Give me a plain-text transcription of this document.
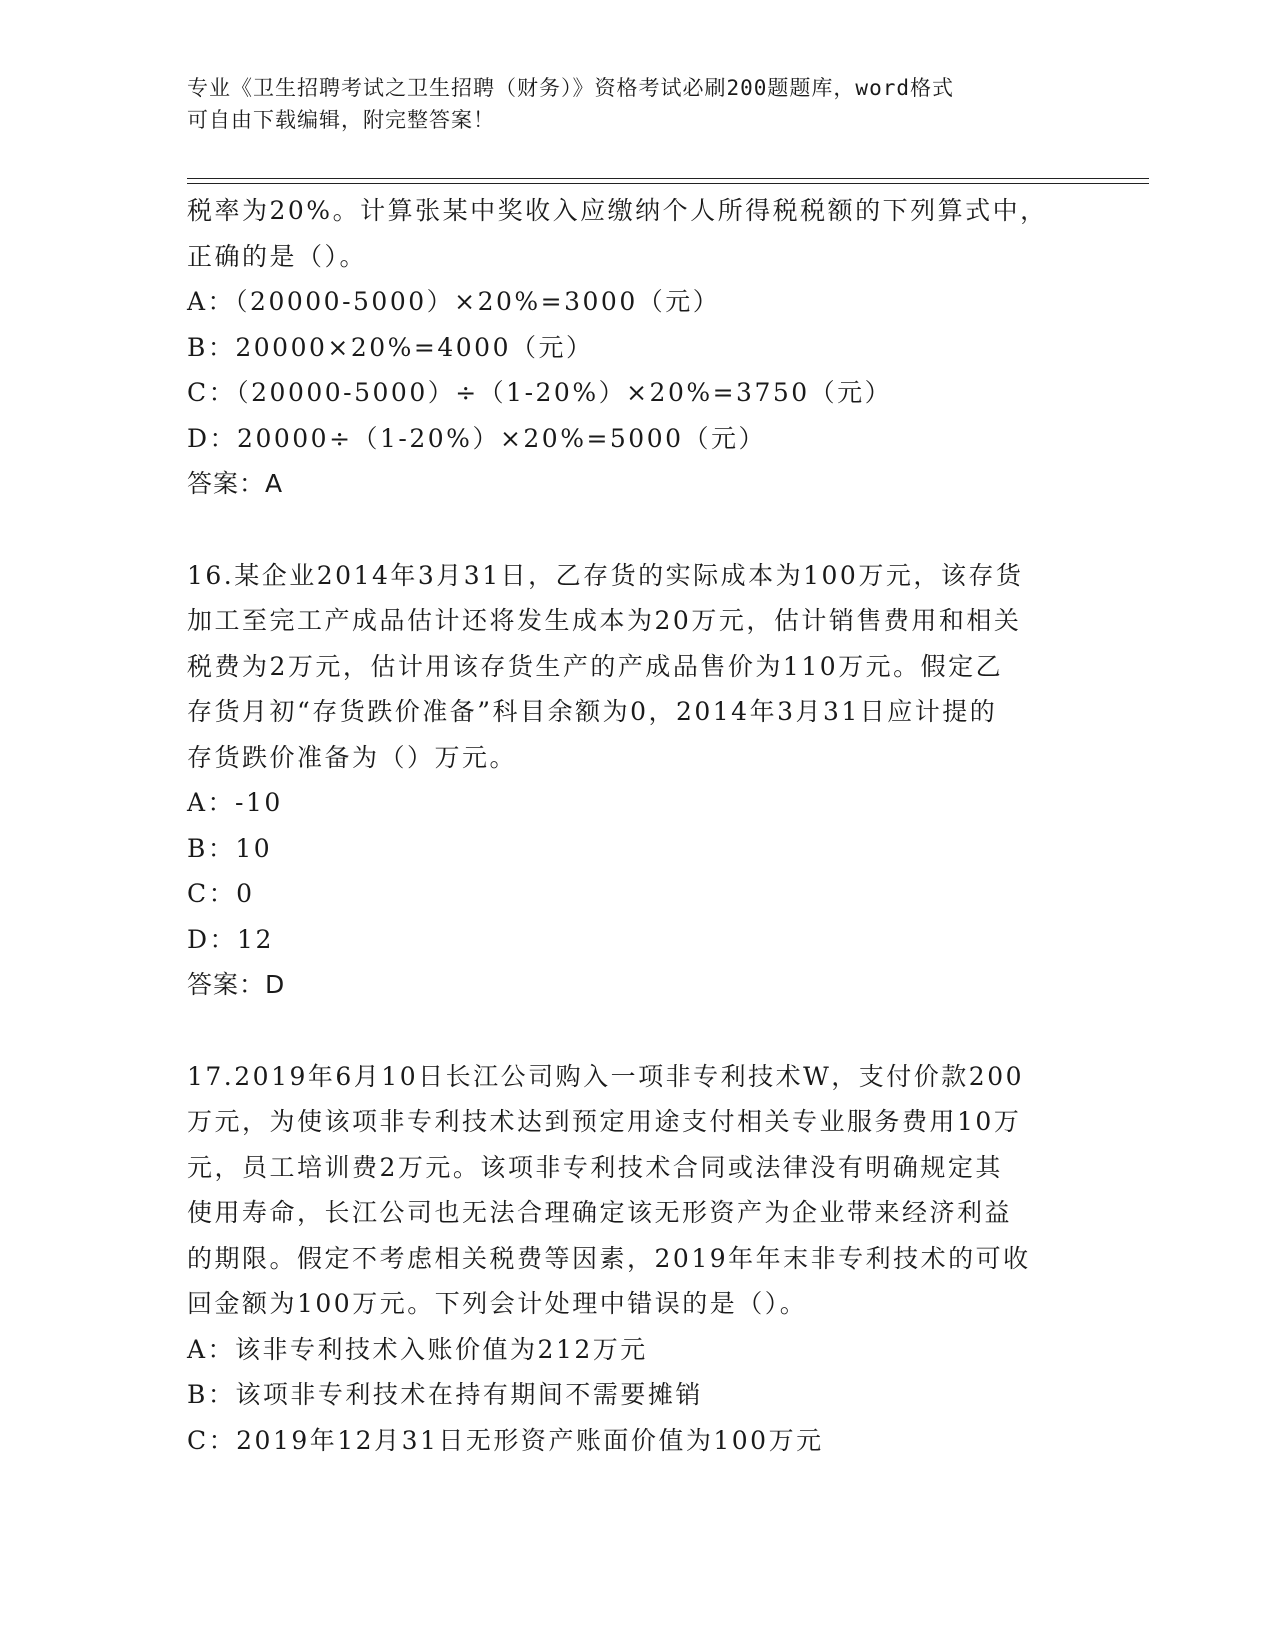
专业《卫生招聘考试之卫生招聘（财务）》资格考试必刷200题题库，word格式
可自由下载编辑，附完整答案！
税率为20%。计算张某中奖收入应缴纳个人所得税税额的下列算式中，
正确的是（）。
A：（20000-5000）×20%=3000（元）
B：20000×20%=4000（元）
C：（20000-5000）÷（1-20%）×20%=3750（元）
D：20000÷（1-20%）×20%=5000（元）
答案：A
16.某企业2014年3月31日，乙存货的实际成本为100万元，该存货
加工至完工产成品估计还将发生成本为20万元，估计销售费用和相关
税费为2万元，估计用该存货生产的产成品售价为110万元。假定乙
存货月初“存货跌价准备”科目余额为0，2014年3月31日应计提的
存货跌价准备为（）万元。
A：-10
B：10
C：0
D：12
答案：D
17.2019年6月10日长江公司购入一项非专利技术W，支付价款200
万元，为使该项非专利技术达到预定用途支付相关专业服务费用10万
元，员工培训费2万元。该项非专利技术合同或法律没有明确规定其
使用寿命，长江公司也无法合理确定该无形资产为企业带来经济利益
的期限。假定不考虑相关税费等因素，2019年年末非专利技术的可收
回金额为100万元。下列会计处理中错误的是（）。
A：该非专利技术入账价值为212万元
B：该项非专利技术在持有期间不需要摊销
C：2019年12月31日无形资产账面价值为100万元
